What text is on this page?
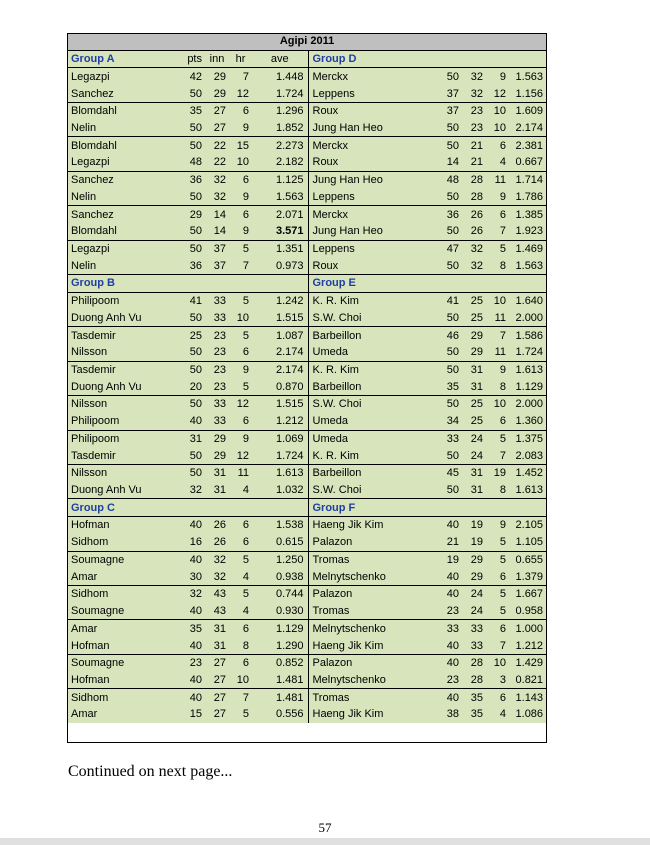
Agipi 2011									
Group A	pts	inn	hr	ave	Group D				
Legazpi	42	29	7	1.448	Merckx	50	32	9	1.563
Sanchez	50	29	12	1.724	Leppens	37	32	12	1.156
Blomdahl	35	27	6	1.296	Roux	37	23	10	1.609
Nelin	50	27	9	1.852	Jung Han Heo	50	23	10	2.174
Blomdahl	50	22	15	2.273	Merckx	50	21	6	2.381
Legazpi	48	22	10	2.182	Roux	14	21	4	0.667
Sanchez	36	32	6	1.125	Jung Han Heo	48	28	11	1.714
Nelin	50	32	9	1.563	Leppens	50	28	9	1.786
Sanchez	29	14	6	2.071	Merckx	36	26	6	1.385
Blomdahl	50	14	9	3.571	Jung Han Heo	50	26	7	1.923
Legazpi	50	37	5	1.351	Leppens	47	32	5	1.469
Nelin	36	37	7	0.973	Roux	50	32	8	1.563
Group B					Group E				
Philipoom	41	33	5	1.242	K. R. Kim	41	25	10	1.640
Duong Anh Vu	50	33	10	1.515	S.W. Choi	50	25	11	2.000
Tasdemir	25	23	5	1.087	Barbeillon	46	29	7	1.586
Nilsson	50	23	6	2.174	Umeda	50	29	11	1.724
Tasdemir	50	23	9	2.174	K. R. Kim	50	31	9	1.613
Duong Anh Vu	20	23	5	0.870	Barbeillon	35	31	8	1.129
Nilsson	50	33	12	1.515	S.W. Choi	50	25	10	2.000
Philipoom	40	33	6	1.212	Umeda	34	25	6	1.360
Philipoom	31	29	9	1.069	Umeda	33	24	5	1.375
Tasdemir	50	29	12	1.724	K. R. Kim	50	24	7	2.083
Nilsson	50	31	11	1.613	Barbeillon	45	31	19	1.452
Duong Anh Vu	32	31	4	1.032	S.W. Choi	50	31	8	1.613
Group C					Group F				
Hofman	40	26	6	1.538	Haeng Jik Kim	40	19	9	2.105
Sidhom	16	26	6	0.615	Palazon	21	19	5	1.105
Soumagne	40	32	5	1.250	Tromas	19	29	5	0.655
Amar	30	32	4	0.938	Melnytschenko	40	29	6	1.379
Sidhom	32	43	5	0.744	Palazon	40	24	5	1.667
Soumagne	40	43	4	0.930	Tromas	23	24	5	0.958
Amar	35	31	6	1.129	Melnytschenko	33	33	6	1.000
Hofman	40	31	8	1.290	Haeng Jik Kim	40	33	7	1.212
Soumagne	23	27	6	0.852	Palazon	40	28	10	1.429
Hofman	40	27	10	1.481	Melnytschenko	23	28	3	0.821
Sidhom	40	27	7	1.481	Tromas	40	35	6	1.143
Amar	15	27	5	0.556	Haeng Jik Kim	38	35	4	1.086
Continued on next page...
57
